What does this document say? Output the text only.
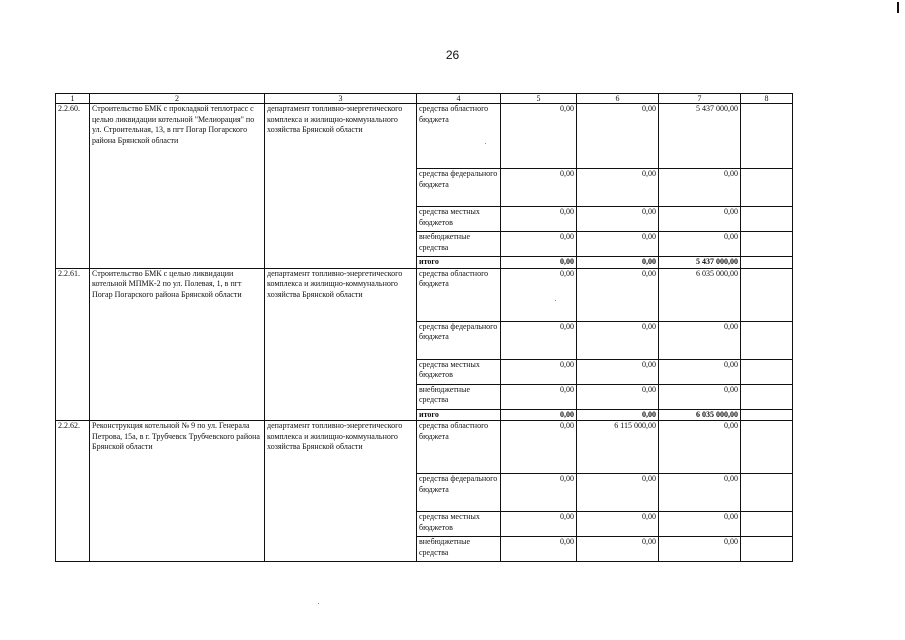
26
1	2	3	4	5	6	7	8
2.2.60.	Строительство БМК с прокладкой теплотрасс с целью ликвидации котельной "Мелиорация" по ул. Строительная, 13, в пгт Погар Погарского района Брянской области	департамент топливно-энергетического комплекса и жилищно-коммунального хозяйства Брянской области	средства областного бюджета	0,00	0,00	5 437 000,00	
			средства федерального бюджета	0,00	0,00	0,00	
			средства местных бюджетов	0,00	0,00	0,00	
			внебюджетные средства	0,00	0,00	0,00	
			итого	0,00	0,00	5 437 000,00	
2.2.61.	Строительство БМК с целью ликвидации котельной МПМК-2 по ул. Полевая, 1, в пгт Погар Погарского района Брянской области	департамент топливно-энергетического комплекса и жилищно-коммунального хозяйства Брянской области	средства областного бюджета	0,00	0,00	6 035 000,00	
			средства федерального бюджета	0,00	0,00	0,00	
			средства местных бюджетов	0,00	0,00	0,00	
			внебюджетные средства	0,00	0,00	0,00	
			итого	0,00	0,00	6 035 000,00	
2.2.62.	Реконструкция котельной № 9 по ул. Генерала Петрова, 15а, в г. Трубчевск Трубчевского района Брянской области	департамент топливно-энергетического комплекса и жилищно-коммунального хозяйства Брянской области	средства областного бюджета	0,00	6 115 000,00	0,00	
			средства федерального бюджета	0,00	0,00	0,00	
			средства местных бюджетов	0,00	0,00	0,00	
			внебюджетные средства	0,00	0,00	0,00	
